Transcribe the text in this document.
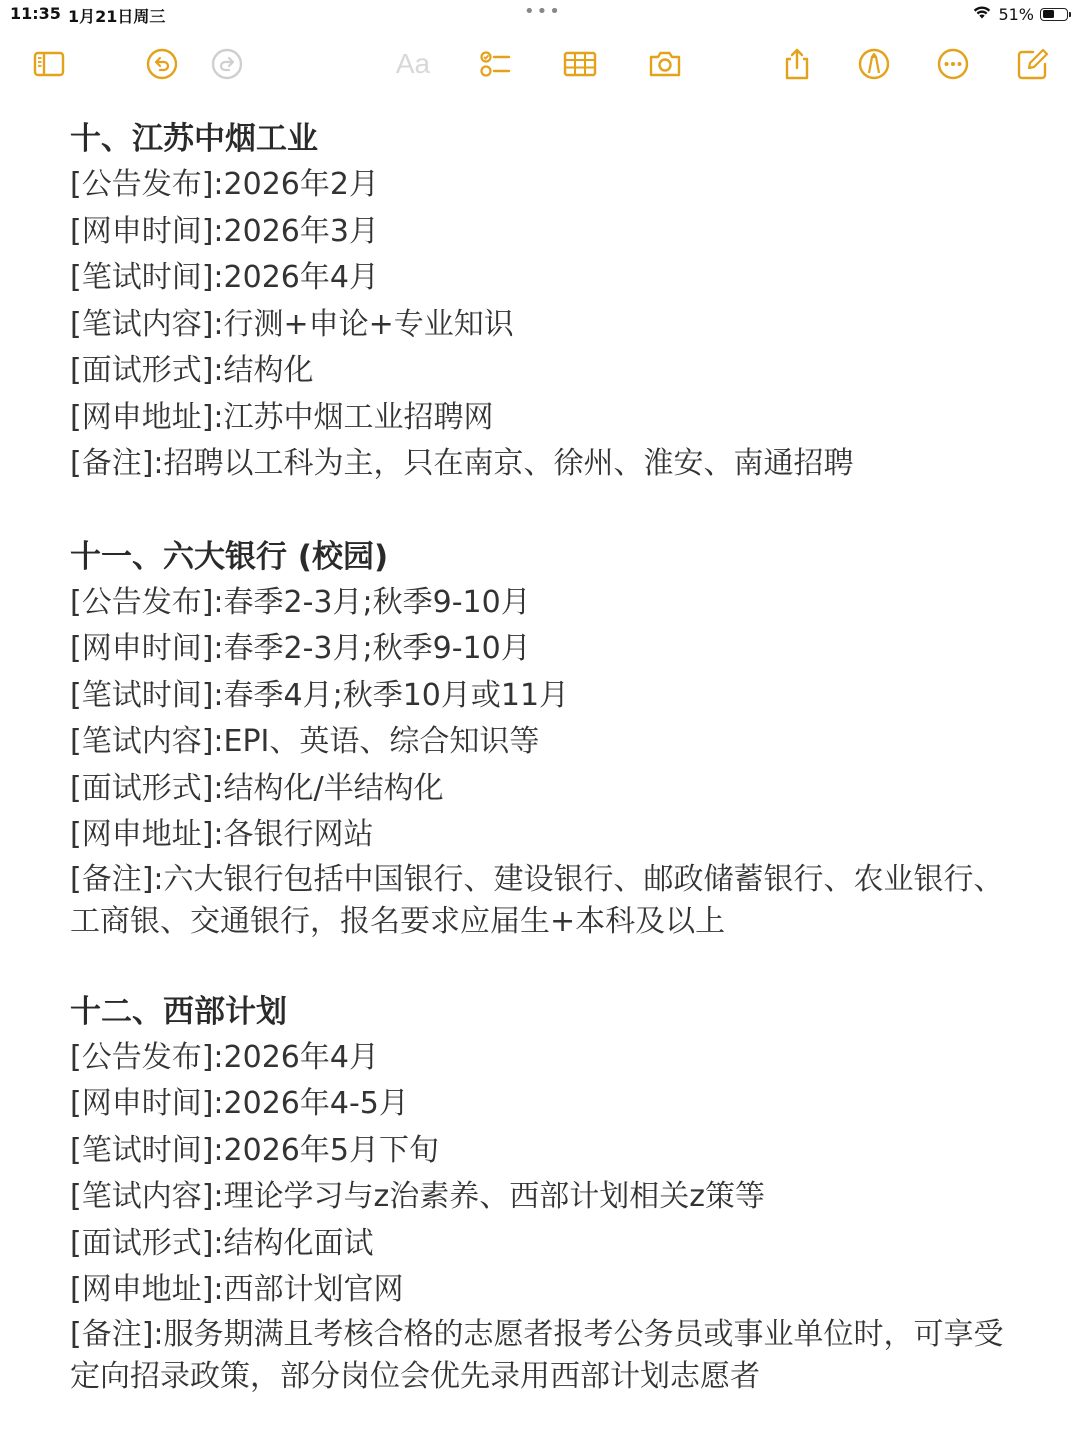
11:35 1月21日周三	•••	51%
Aa
十、江苏中烟工业
[公告发布]:2026年2月
[网申时间]:2026年3月
[笔试时间]:2026年4月
[笔试内容]:行测+申论+专业知识
[面试形式]:结构化
[网申地址]:江苏中烟工业招聘网
[备注]:招聘以工科为主，只在南京、徐州、淮安、南通招聘
十一、六大银行 (校园)
[公告发布]:春季2-3月;秋季9-10月
[网申时间]:春季2-3月;秋季9-10月
[笔试时间]:春季4月;秋季10月或11月
[笔试内容]:EPI、英语、综合知识等
[面试形式]:结构化/半结构化
[网申地址]:各银行网站
[备注]:六大银行包括中国银行、建设银行、邮政储蓄银行、农业银行、工商银、交通银行，报名要求应届生+本科及以上
十二、西部计划
[公告发布]:2026年4月
[网申时间]:2026年4-5月
[笔试时间]:2026年5月下旬
[笔试内容]:理论学习与z治素养、西部计划相关z策等
[面试形式]:结构化面试
[网申地址]:西部计划官网
[备注]:服务期满且考核合格的志愿者报考公务员或事业单位时，可享受定向招录政策，部分岗位会优先录用西部计划志愿者
